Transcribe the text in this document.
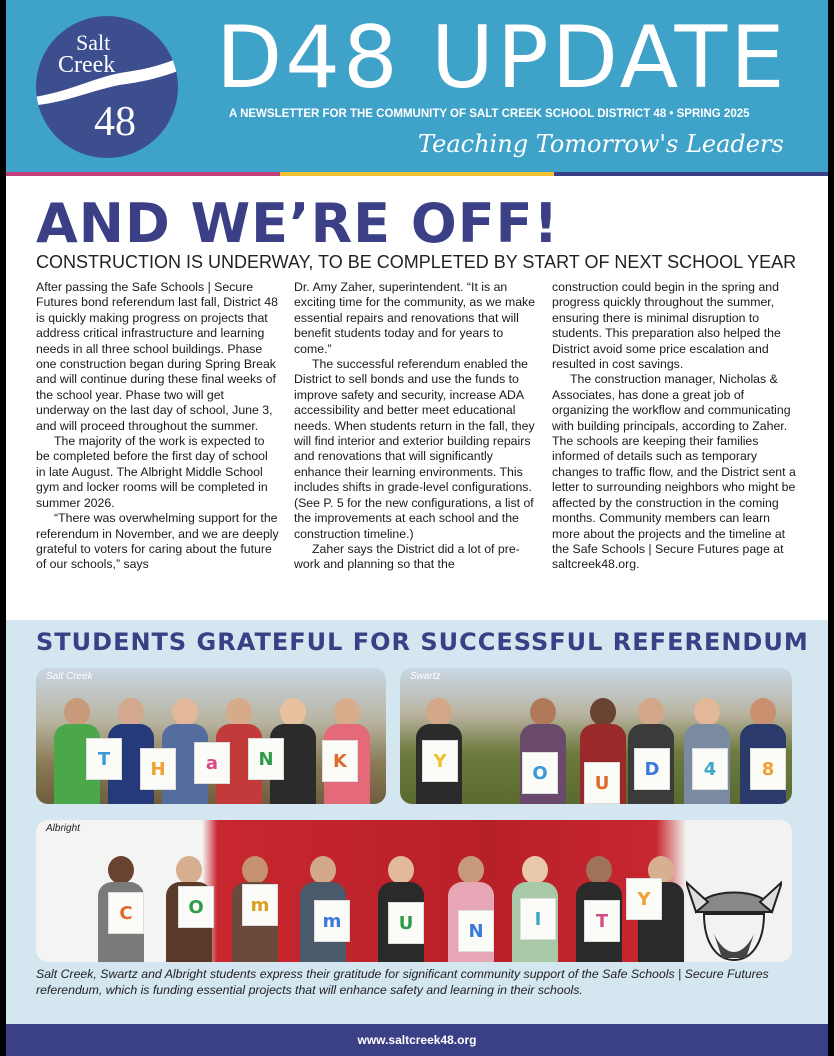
Salt
Creek
48
D48 UPDATE
A NEWSLETTER FOR THE COMMUNITY OF SALT CREEK SCHOOL DISTRICT 48 • SPRING 2025
Teaching Tomorrow's Leaders
AND WE’RE OFF!
CONSTRUCTION IS UNDERWAY, TO BE COMPLETED BY START OF NEXT SCHOOL YEAR

After passing the Safe Schools | Secure Futures bond referendum last fall, District 48 is quickly making progress on projects that address critical infrastructure and learning needs in all three school buildings. Phase one construction began during Spring Break and will continue during these final weeks of the school year. Phase two will get underway on the last day of school, June 3, and will proceed throughout the summer.

The majority of the work is expected to be completed before the first day of school in late August. The Albright Middle School gym and locker rooms will be completed in summer 2026.

“There was overwhelming support for the referendum in November, and we are deeply grateful to voters for caring about the future of our schools,” says

Dr. Amy Zaher, superintendent. “It is an exciting time for the community, as we make essential repairs and renovations that will benefit students today and for years to come.”

The successful referendum enabled the District to sell bonds and use the funds to improve safety and security, increase ADA accessibility and better meet educational needs. When students return in the fall, they will find interior and exterior building repairs and renovations that will significantly enhance their learning environments. This includes shifts in grade-level configurations. (See P. 5 for the new configurations, a list of the improvements at each school and the construction timeline.)

Zaher says the District did a lot of pre-work and planning so that the

construction could begin in the spring and progress quickly throughout the summer, ensuring there is minimal disruption to students. This preparation also helped the District avoid some price escalation and resulted in cost savings.

The construction manager, Nicholas & Associates, has done a great job of organizing the workflow and communicating with building principals, according to Zaher. The schools are keeping their families informed of details such as temporary changes to traffic flow, and the District sent a letter to surrounding neighbors who might be affected by the construction in the coming months. Community members can learn more about the projects and the timeline at the Safe Schools | Secure Futures page at saltcreek48.org.

STUDENTS GRATEFUL FOR SUCCESSFUL REFERENDUM
T	H	a	N	K
Salt Creek
Y
O	U
D	4	8
Swartz
C	O	m
m	U	N
I	T
Y
Albright
Salt Creek, Swartz and Albright students express their gratitude for significant community support of the Safe Schools | Secure Futures referendum, which is funding essential projects that will enhance safety and learning in their schools.
www.saltcreek48.org
